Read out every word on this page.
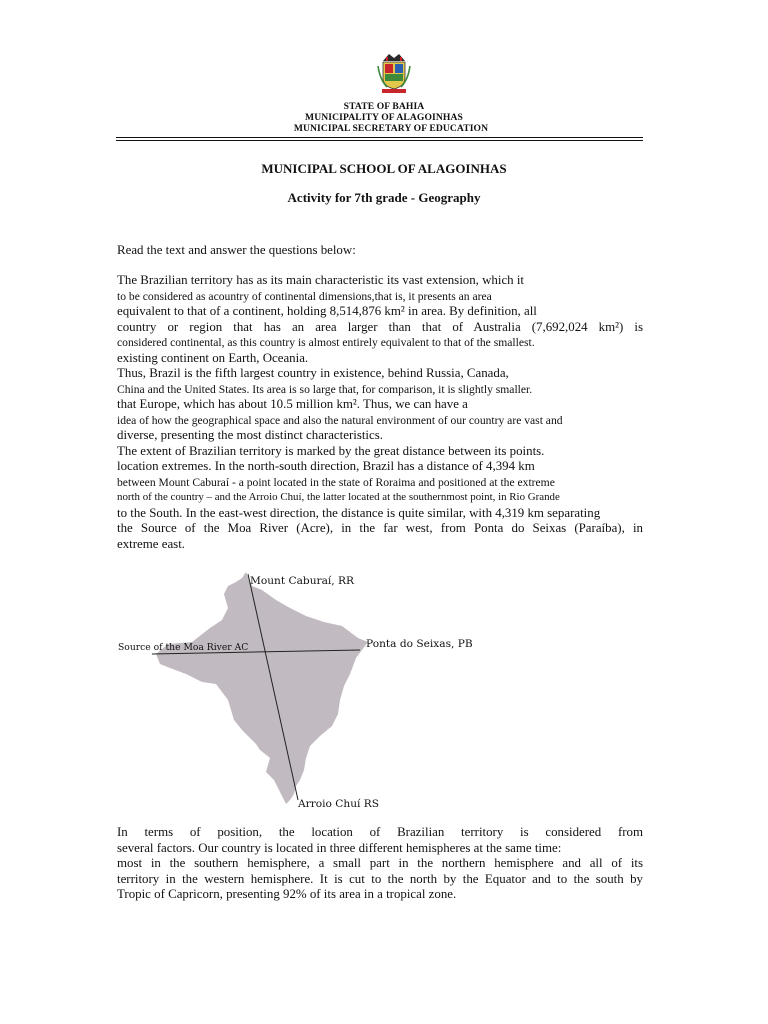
STATE OF BAHIA
MUNICIPALITY OF ALAGOINHAS
MUNICIPAL SECRETARY OF EDUCATION
MUNICIPAL SCHOOL OF ALAGOINHAS
Activity for 7th grade - Geography
Read the text and answer the questions below:
The Brazilian territory has as its main characteristic its vast extension, which it
to be considered as acountry of continental dimensions,that is, it presents an area
equivalent to that of a continent, holding 8,514,876 km² in area. By definition, all
country or region that has an area larger than that of Australia (7,692,024 km²) is
considered continental, as this country is almost entirely equivalent to that of the smallest.
existing continent on Earth, Oceania.
Thus, Brazil is the fifth largest country in existence, behind Russia, Canada,
China and the United States. Its area is so large that, for comparison, it is slightly smaller.
that Europe, which has about 10.5 million km². Thus, we can have a
idea of how the geographical space and also the natural environment of our country are vast and
diverse, presenting the most distinct characteristics.
The extent of Brazilian territory is marked by the great distance between its points.
location extremes. In the north-south direction, Brazil has a distance of 4,394 km
between Mount Caburaí - a point located in the state of Roraima and positioned at the extreme
north of the country – and the Arroio Chuí, the latter located at the southernmost point, in Rio Grande
to the South. In the east-west direction, the distance is quite similar, with 4,319 km separating
the Source of the Moa River (Acre), in the far west, from Ponta do Seixas (Paraíba), in
extreme east.
Mount Caburaí, RR
Source of the Moa River AC	Ponta do Seixas, PB
Arroio Chuí RS
In terms of position, the location of Brazilian territory is considered from
several factors. Our country is located in three different hemispheres at the same time:
most in the southern hemisphere, a small part in the northern hemisphere and all of its
territory in the western hemisphere. It is cut to the north by the Equator and to the south by
Tropic of Capricorn, presenting 92% of its area in a tropical zone.
